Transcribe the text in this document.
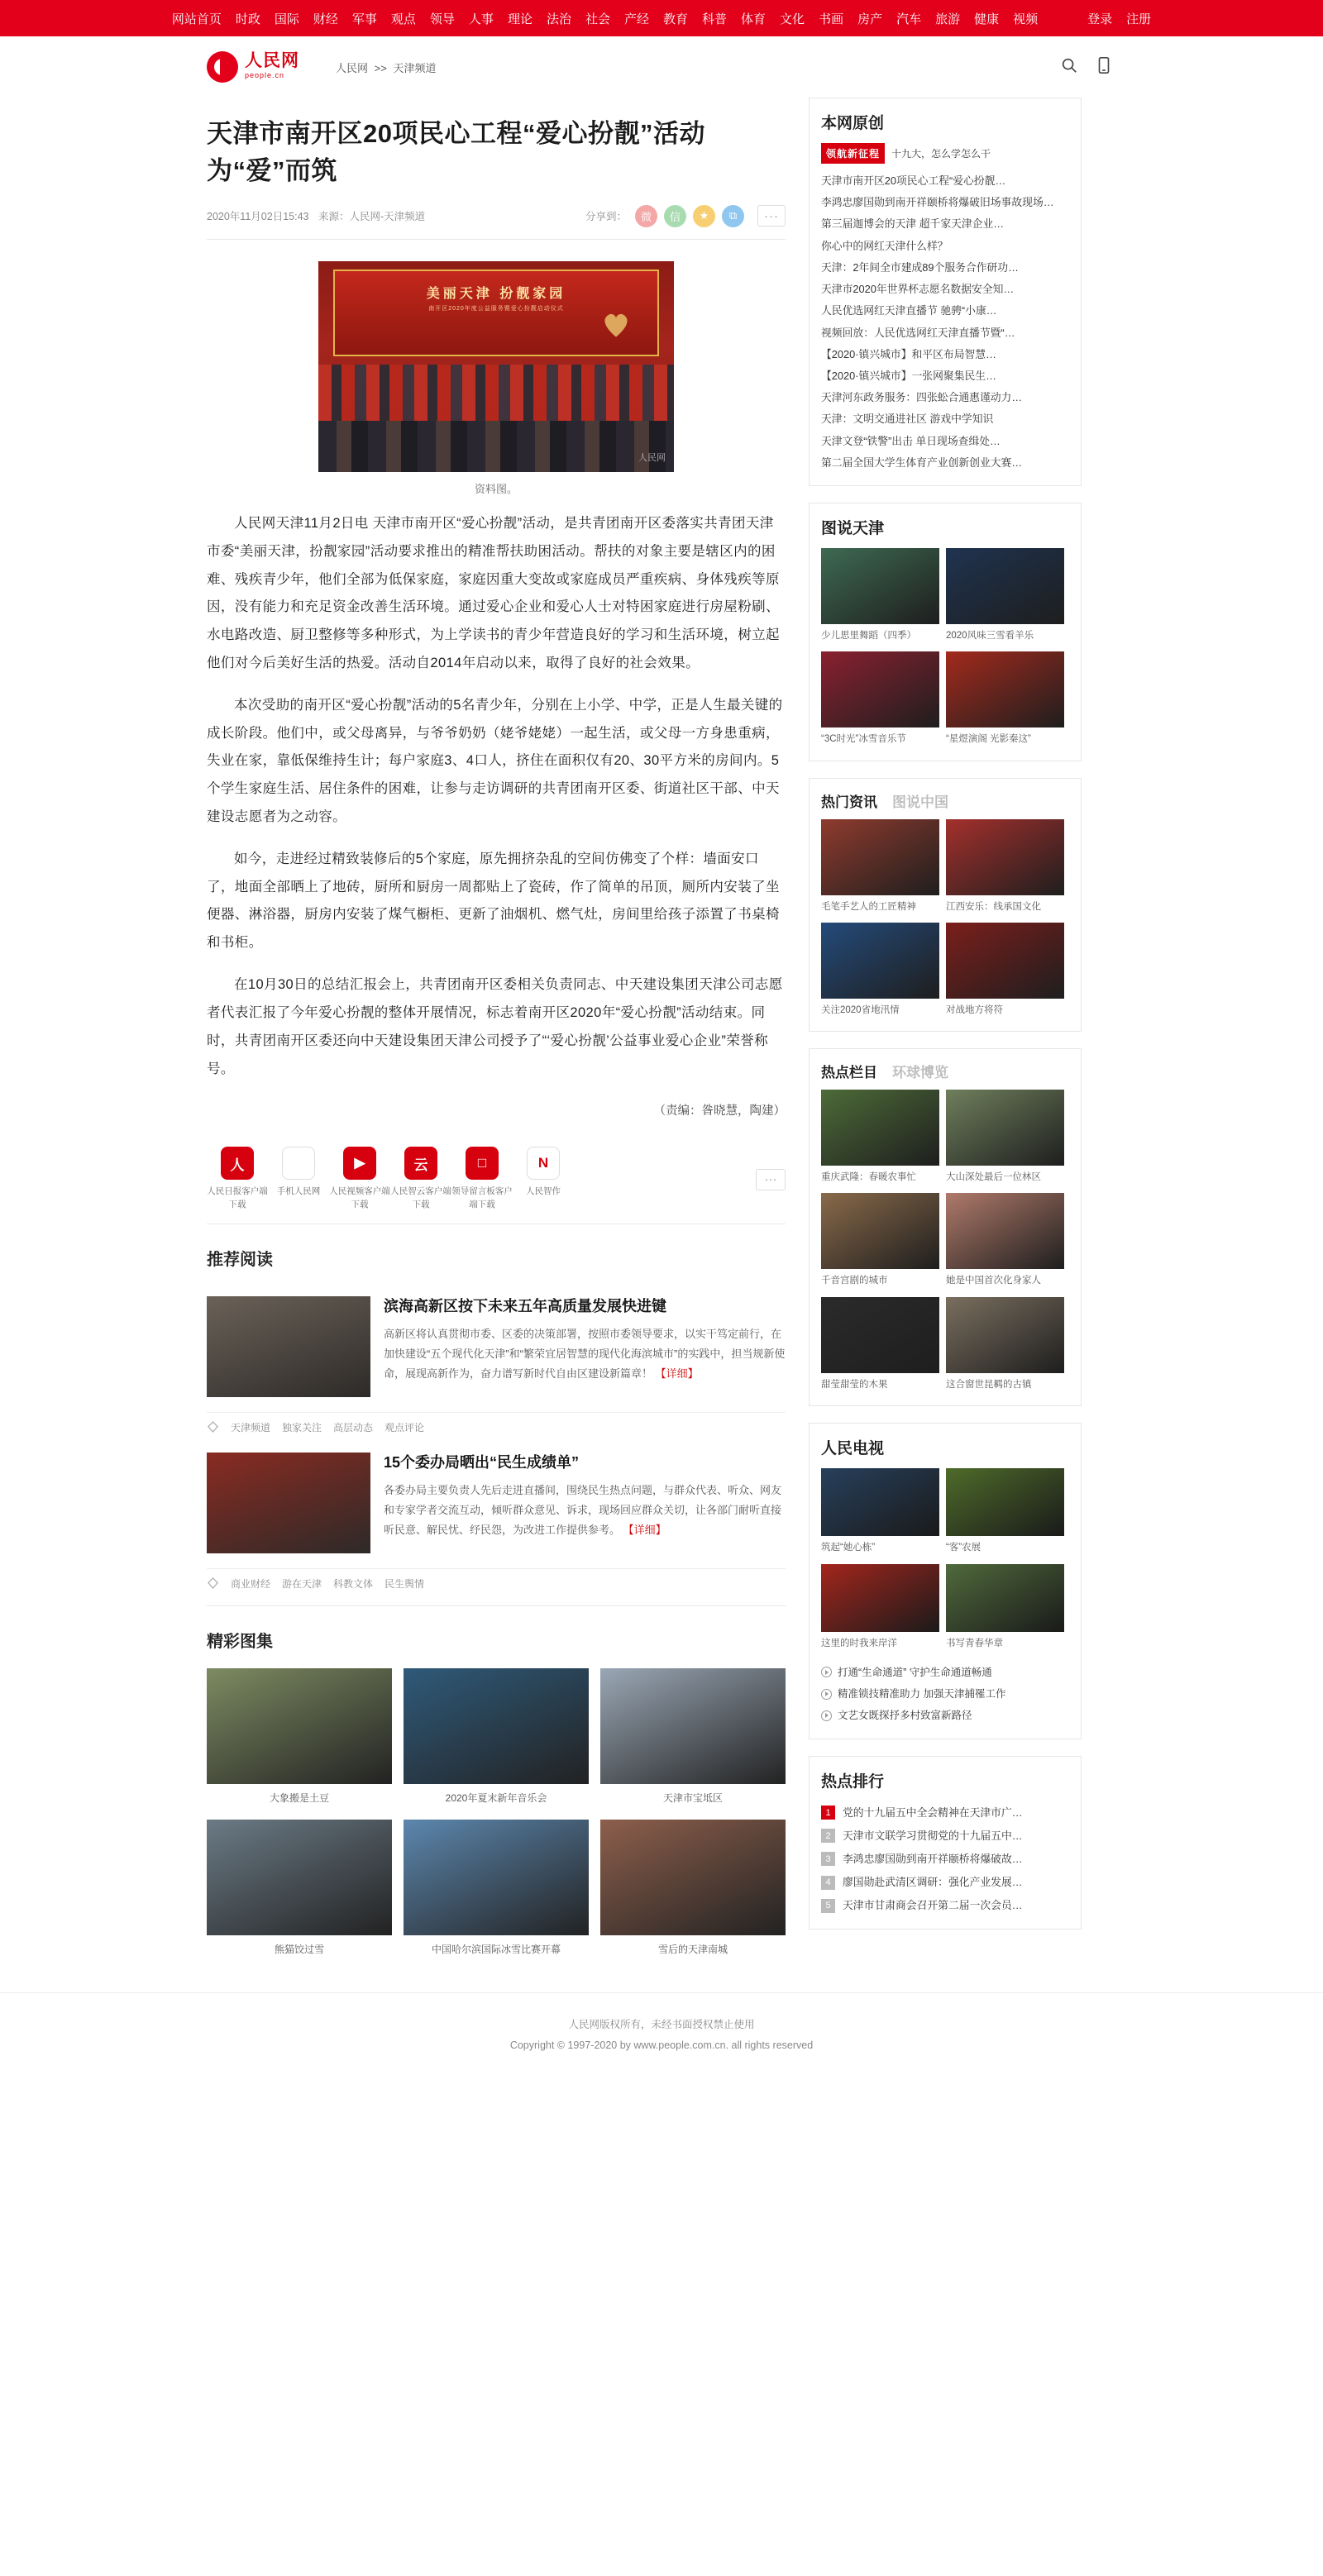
网站首页 时政 国际 财经 军事 观点 领导 人事 理论 法治 社会 产经 教育 科普 体育 文化 书画 房产 汽车 旅游 健康 视频	登录 注册
人民网
people.cn
人民网 >> 天津频道
天津市南开区20项民心工程“爱心扮靓”活动 为“爱”而筑
2020年11月02日15:43 来源：人民网-天津频道	分享到：	微	信	★	⧉	···
美丽天津 扮靓家园
南开区2020年度公益服务暨爱心扮靓启动仪式
人民网
资料图。

人民网天津11月2日电 天津市南开区“爱心扮靓”活动，是共青团南开区委落实共青团天津市委“美丽天津，扮靓家园”活动要求推出的精准帮扶助困活动。帮扶的对象主要是辖区内的困难、残疾青少年，他们全部为低保家庭，家庭因重大变故或家庭成员严重疾病、身体残疾等原因，没有能力和充足资金改善生活环境。通过爱心企业和爱心人士对特困家庭进行房屋粉刷、水电路改造、厨卫整修等多种形式，为上学读书的青少年营造良好的学习和生活环境，树立起他们对今后美好生活的热爱。活动自2014年启动以来，取得了良好的社会效果。

本次受助的南开区“爱心扮靓”活动的5名青少年，分别在上小学、中学，正是人生最关键的成长阶段。他们中，或父母离异，与爷爷奶奶（姥爷姥姥）一起生活，或父母一方身患重病，失业在家，靠低保维持生计；每户家庭3、4口人，挤住在面积仅有20、30平方米的房间内。5个学生家庭生活、居住条件的困难，让参与走访调研的共青团南开区委、街道社区干部、中天建设志愿者为之动容。

如今，走进经过精致装修后的5个家庭，原先拥挤杂乱的空间仿佛变了个样：墙面安口了，地面全部晒上了地砖，厨所和厨房一周都贴上了瓷砖，作了简单的吊顶，厕所内安装了坐便器、淋浴器，厨房内安装了煤气橱柜、更新了油烟机、燃气灶，房间里给孩子添置了书桌椅和书柜。

在10月30日的总结汇报会上，共青团南开区委相关负责同志、中天建设集团天津公司志愿者代表汇报了今年爱心扮靓的整体开展情况，标志着南开区2020年“爱心扮靓”活动结束。同时，共青团南开区委还向中天建设集团天津公司授予了“‘爱心扮靓’公益事业爱心企业”荣誉称号。

（责编：昝晓慧，陶建）
人
人民日报客户端下载
手机人民网
▶
人民视频客户端下载
云
人民智云客户端下载
□
领导留言板客户端下载
N
人民智作
···
推荐阅读
滨海高新区按下未来五年高质量发展快进键
高新区将认真贯彻市委、区委的决策部署，按照市委领导要求，以实干笃定前行，在加快建设“五个现代化天津”和“繁荣宜居智慧的现代化海滨城市”的实践中，担当规新使命，展现高新作为，奋力谱写新时代自由区建设新篇章！ 【详细】
天津频道 独家关注 高层动态 观点评论
15个委办局晒出“民生成绩单”
各委办局主要负责人先后走进直播间，围绕民生热点问题，与群众代表、听众、网友和专家学者交流互动，倾听群众意见、诉求，现场回应群众关切，让各部门耐听直接听民意、解民忧、纾民怨，为改进工作提供参考。 【详细】
商业财经 游在天津 科教文体 民生舆情
精彩图集
大象搬是土豆	2020年夏末新年音乐会	天津市宝坻区
熊猫饺过雪	中国哈尔滨国际冰雪比赛开幕	雪后的天津南城
本网原创
领航新征程	十九大，怎么学怎么干
天津市南开区20项民心工程“爱心扮靓…
李鸿忠廖国勋到南开祥颐桥将爆破旧场事故现场…
第三届迦博会的天津 超千家天津企业…
你心中的网红天津什么样？
天津：2年间全市建成89个服务合作研功…
天津市2020年世界杯志愿名数据安全知…
人民优选网红天津直播节 驰骋“小康…
视频回放：人民优选网红天津直播节暨“…
【2020·镇兴城市】和平区布局智慧…
【2020·镇兴城市】一张网聚集民生…
天津河东政务服务：四张蚣合通惠谨动力…
天津：文明交通进社区 游戏中学知识
天津文登“铁警”出击 单日现场查缉处…
第二届全国大学生体育产业创新创业大赛…
图说天津
少儿思里舞蹈（四季）	2020风味三雪看羊乐
“3C时光”冰雪音乐节	“星煜演阁 光影秦这”
热门资讯 图说中国
毛笔手艺人的工匠精神	江西安乐：线承国文化
关注2020省地汛情	对战地方将符
热点栏目 环球博览
重庆武隆：春暖农事忙	大山深处最后一位林区
千音宫剧的城市	她是中国首次化身家人
甜莹甜莹的木果	这合窗世昆羁的古镇
人民电视
筑起“她心栋”	“客”农展
这里的时我来岸洋	书写青春华章
打通“生命通道” 守护生命通道畅通
精准锁技精准助力 加强天津捕罹工作
文艺女既探抒多村致富新路径
热点排行
1	党的十九届五中全会精神在天津市广…
2	天津市文联学习贯彻党的十九届五中…
3	李鸿忠廖国勋到南开祥颐桥将爆破故…
4	廖国勋赴武清区调研：强化产业发展…
5	天津市甘肃商会召开第二届一次会员…
人民网版权所有，未经书面授权禁止使用
Copyright © 1997-2020 by www.people.com.cn. all rights reserved
